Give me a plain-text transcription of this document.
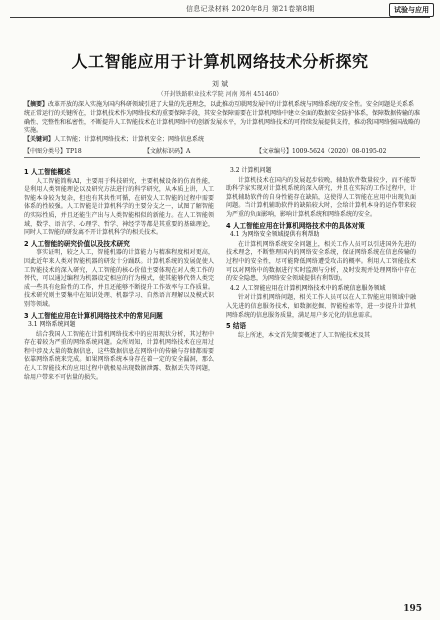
信息记录材料 2020年8月 第21卷第8期	试验与应用
人工智能应用于计算机网络技术分析探究
刘 斌
（开封铁路职业技术学院 河南 郑州 451460）
【摘要】改革开放的深入实施为国内科研领域引进了大量的先进理念，以此推动互联网发展中的计算机系统与网络系统的安全性。安全问题是关系系统正常运行的关键所在，计算机技术作为网络技术的重要保障手段，其安全保障需要在计算机网络中建立全面的数据安全防护体系，保障数据传输的准确性、完整性和私密性，不断提升人工智能技术在计算机网络中的创新发展水平，为计算机网络技术的可持续发展提供支持，推动我国网络强国战略的实施。
【关键词】人工智能；计算机网络技术；计算机安全；网络信息系统
【中图分类号】TP18	【文献标识码】A	【文章编号】1009-5624（2020）08-0195-02
1 人工智能概述

人工智能简称AI，主要用于科技研究，主要机械设备的仿真性能，是利用人类智能理论以及研究方法进行的科学研究，从本质上讲，人工智能本身较为复杂，但也有其共性可循，在研发人工智能的过程中需要体系的性较强。人工智能是计算机科学的主要分支之一，试图了解智能的实际性质，并且还能生产出与人类智能相似的新能力。在人工智能领域，数学、语言学、心理学、哲学、神经学等都是其重要的基础理论，同时人工智能的研发离不开计算机科学的相关技术。

2 人工智能的研究价值以及技术研究

事实证明，较之人工，智能机器的计算能力与精准程度相对更高，因此近年来人类对智能机器的研发十分踊跃。计算机系统的发展促使人工智能技术的深入研究，人工智能的核心价值主要体现在对人类工作的替代，可以通过编程为机器设定相应的行为模式，使其能够代替人类完成一些具有危险性的工作，并且还能够不断提升工作效率与工作质量。技术研究则主要集中在知识处理、机器学习、自然语言理解以及模式识别等领域。

3 人工智能应用在计算机网络技术中的常见问题
3.1 网络系统问题

结合我国人工智能在计算机网络技术中的应用现状分析，其过程中存在着较为严重的网络系统问题。众所周知，计算机网络技术在应用过程中涉及大量的数据信息，这些数据信息在网络中的传输与存储都需要依靠网络系统来完成。如果网络系统本身存在着一定的安全漏洞，那么在人工智能技术的应用过程中就极易出现数据泄露、数据丢失等问题，给用户带来不可估量的损失。

3.2 计算机问题

计算机技术在国内的发展起步较晚，辅助软件数量较少，而不能帮助科学家实现对计算机系统的深入研究，并且在实际的工作过程中，计算机辅助软件的自身性能存在缺陷，这使得人工智能在应用中出现负面问题。当计算机辅助软件的缺陷较大时，会给计算机本身的运作带来较为严重的负面影响，影响计算机系统和网络系统的安全。

4 人工智能应用在计算机网络技术中的具体对策
4.1 为网络安全领域提供有利帮助

在计算机网络系统安全问题上，相关工作人员可以引进国外先进的技术理念，不断整理国内的网络安全系统，保证网络系统在信息传输的过程中的安全性，尽可能降低网络遭受攻击的概率。利用人工智能技术可以对网络中的数据进行实时监测与分析，及时发现并处理网络中存在的安全隐患，为网络安全领域提供有利帮助。

4.2 人工智能应用在计算机网络技术中的系统信息服务领域

针对计算机网络问题，相关工作人员可以在人工智能应用领域中融入先进的信息服务技术，如数据挖掘、智能检索等，进一步提升计算机网络系统的信息服务质量，满足用户多元化的信息需求。

5 结语

综上所述，本文首先简要概述了人工智能技术及其

195
